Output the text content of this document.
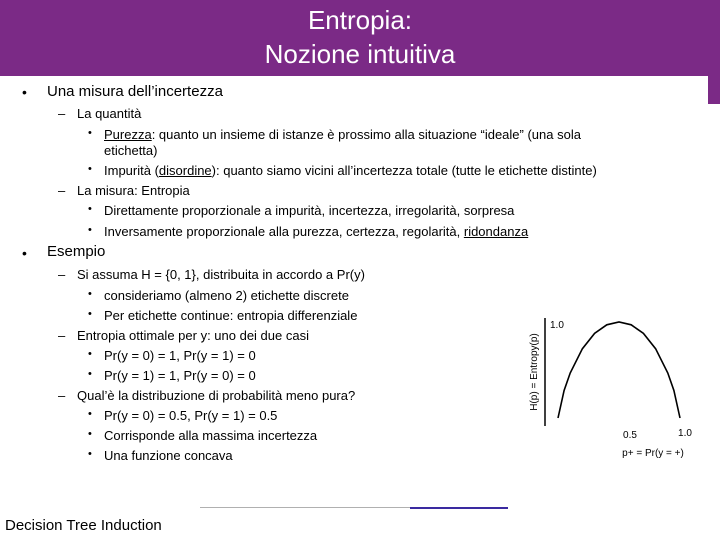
Entropia:
Nozione intuitiva
• Una misura dell’incertezza
– La quantità
• Purezza: quanto un insieme di istanze è prossimo alla situazione “ideale” (una sola
etichetta)
• Impurità (disordine): quanto siamo vicini all’incertezza totale (tutte le etichette distinte)
– La misura: Entropia
• Direttamente proporzionale a impurità, incertezza, irregolarità, sorpresa
• Inversamente proporzionale alla purezza, certezza, regolarità, ridondanza
• Esempio
– Si assuma H = {0, 1}, distribuita in accordo a Pr(y)
• consideriamo (almeno 2) etichette discrete
• Per etichette continue: entropia differenziale
– Entropia ottimale per y: uno dei due casi
• Pr(y = 0) = 1, Pr(y = 1) = 0
• Pr(y = 1) = 1, Pr(y = 0) = 0
– Qual’è la distribuzione di probabilità meno pura?
• Pr(y = 0) = 0.5, Pr(y = 1) = 0.5
• Corrisponde alla massima incertezza
• Una funzione concava
H(p) = Entropy(p)
1.0
0.5	1.0
p+ = Pr(y = +)
Decision Tree Induction
